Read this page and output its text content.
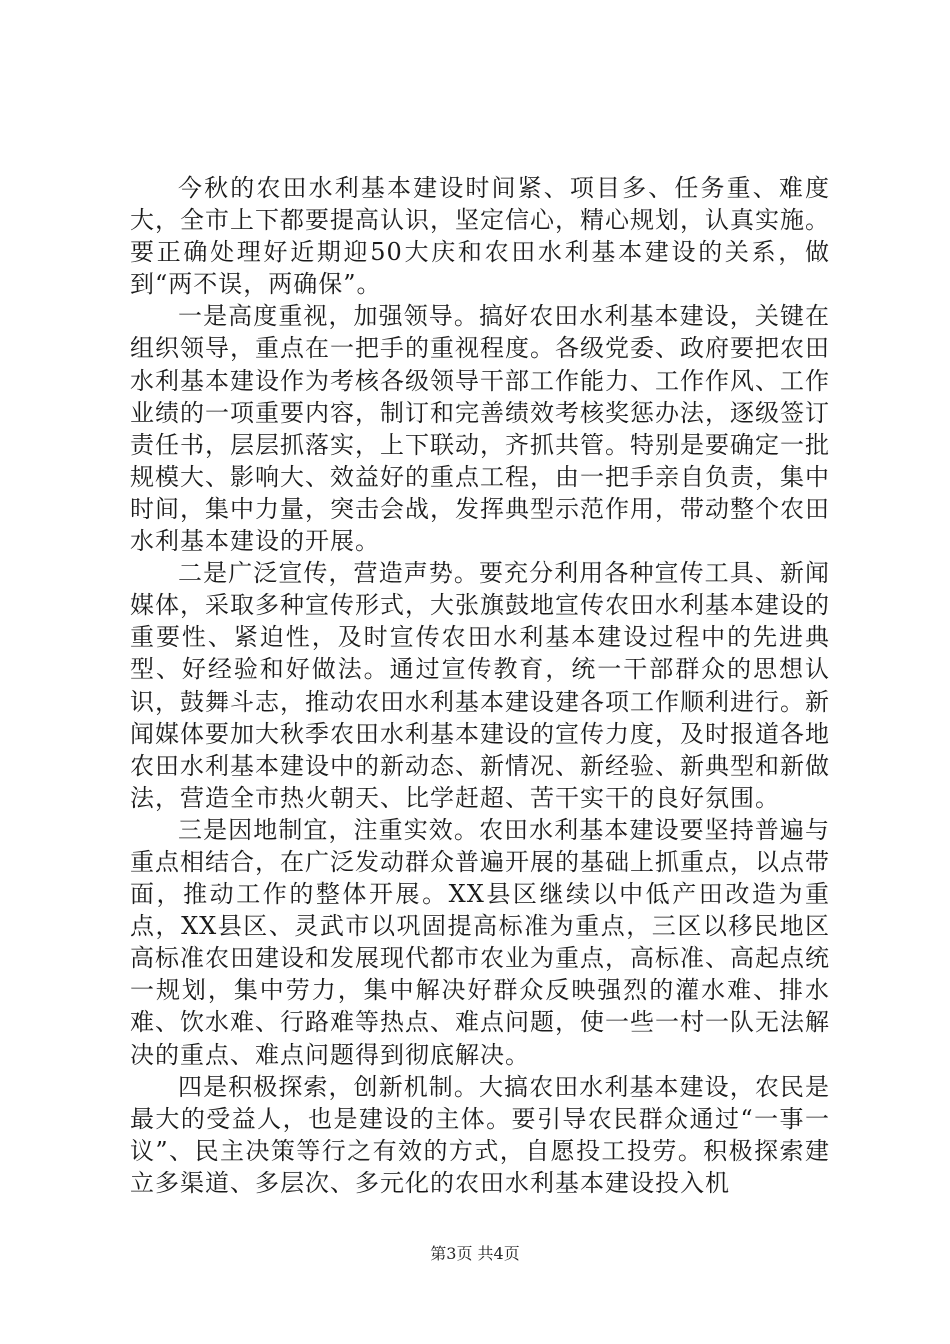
今秋的农田水利基本建设时间紧、项目多、任务重、难度大，全市上下都要提高认识，坚定信心，精心规划，认真实施。要正确处理好近期迎50大庆和农田水利基本建设的关系，做到“两不误，两确保”。

一是高度重视，加强领导。搞好农田水利基本建设，关键在组织领导，重点在一把手的重视程度。各级党委、政府要把农田水利基本建设作为考核各级领导干部工作能力、工作作风、工作业绩的一项重要内容，制订和完善绩效考核奖惩办法，逐级签订责任书，层层抓落实，上下联动，齐抓共管。特别是要确定一批规模大、影响大、效益好的重点工程，由一把手亲自负责，集中时间，集中力量，突击会战，发挥典型示范作用，带动整个农田水利基本建设的开展。

二是广泛宣传，营造声势。要充分利用各种宣传工具、新闻媒体，采取多种宣传形式，大张旗鼓地宣传农田水利基本建设的重要性、紧迫性，及时宣传农田水利基本建设过程中的先进典型、好经验和好做法。通过宣传教育，统一干部群众的思想认识，鼓舞斗志，推动农田水利基本建设建各项工作顺利进行。新闻媒体要加大秋季农田水利基本建设的宣传力度，及时报道各地农田水利基本建设中的新动态、新情况、新经验、新典型和新做法，营造全市热火朝天、比学赶超、苦干实干的良好氛围。

三是因地制宜，注重实效。农田水利基本建设要坚持普遍与重点相结合，在广泛发动群众普遍开展的基础上抓重点，以点带面，推动工作的整体开展。XX县区继续以中低产田改造为重点，XX县区、灵武市以巩固提高标准为重点，三区以移民地区高标准农田建设和发展现代都市农业为重点，高标准、高起点统一规划，集中劳力，集中解决好群众反映强烈的灌水难、排水难、饮水难、行路难等热点、难点问题，使一些一村一队无法解决的重点、难点问题得到彻底解决。

四是积极探索，创新机制。大搞农田水利基本建设，农民是最大的受益人，也是建设的主体。要引导农民群众通过“一事一议”、民主决策等行之有效的方式，自愿投工投劳。积极探索建立多渠道、多层次、多元化的农田水利基本建设投入机

第3页 共4页
